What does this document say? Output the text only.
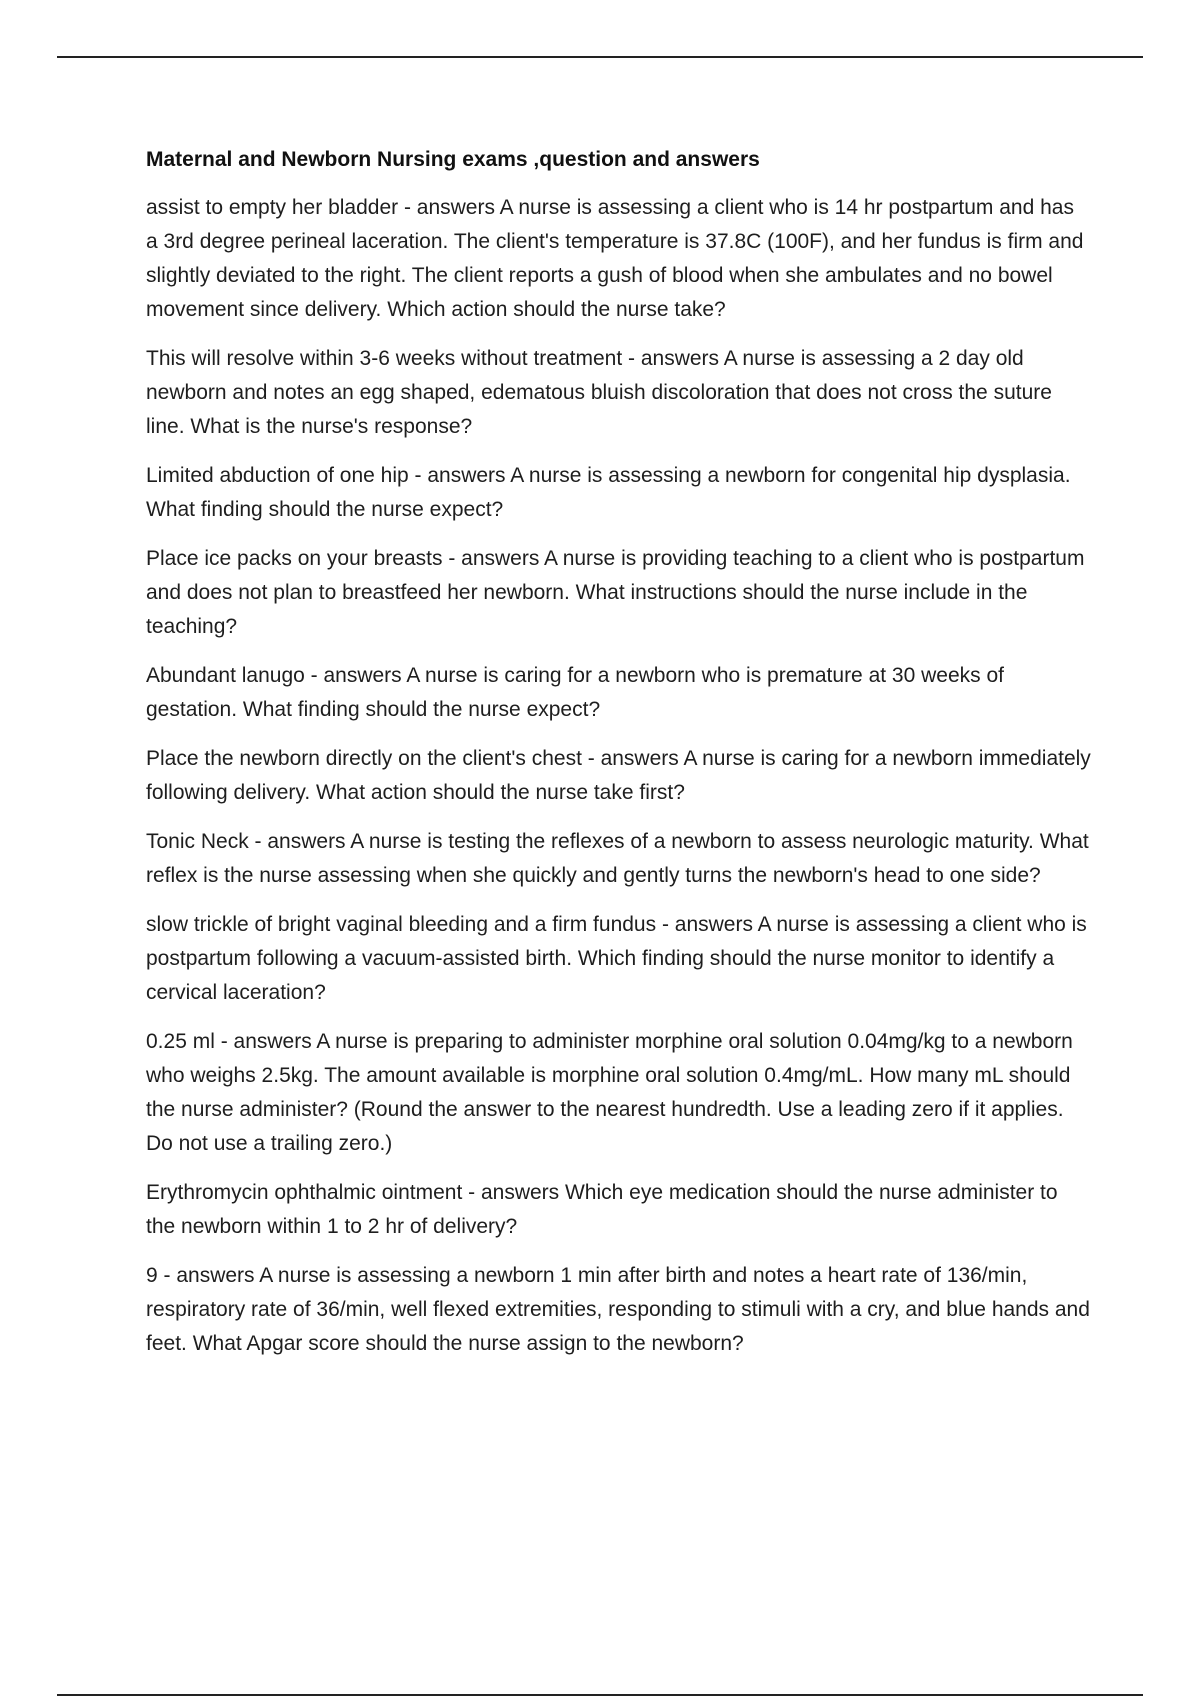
Maternal and Newborn Nursing exams ,question and answers

assist to empty her bladder - answers A nurse is assessing a client who is 14 hr postpartum and has a 3rd degree perineal laceration. The client's temperature is 37.8C (100F), and her fundus is firm and slightly deviated to the right. The client reports a gush of blood when she ambulates and no bowel movement since delivery. Which action should the nurse take?

This will resolve within 3-6 weeks without treatment - answers A nurse is assessing a 2 day old newborn and notes an egg shaped, edematous bluish discoloration that does not cross the suture line. What is the nurse's response?

Limited abduction of one hip - answers A nurse is assessing a newborn for congenital hip dysplasia. What finding should the nurse expect?

Place ice packs on your breasts - answers A nurse is providing teaching to a client who is postpartum and does not plan to breastfeed her newborn. What instructions should the nurse include in the teaching?

Abundant lanugo - answers A nurse is caring for a newborn who is premature at 30 weeks of gestation. What finding should the nurse expect?

Place the newborn directly on the client's chest - answers A nurse is caring for a newborn immediately following delivery. What action should the nurse take first?

Tonic Neck - answers A nurse is testing the reflexes of a newborn to assess neurologic maturity. What reflex is the nurse assessing when she quickly and gently turns the newborn's head to one side?

slow trickle of bright vaginal bleeding and a firm fundus - answers A nurse is assessing a client who is postpartum following a vacuum-assisted birth. Which finding should the nurse monitor to identify a cervical laceration?

0.25 ml - answers A nurse is preparing to administer morphine oral solution 0.04mg/kg to a newborn who weighs 2.5kg. The amount available is morphine oral solution 0.4mg/mL. How many mL should the nurse administer? (Round the answer to the nearest hundredth. Use a leading zero if it applies. Do not use a trailing zero.)

Erythromycin ophthalmic ointment - answers Which eye medication should the nurse administer to the newborn within 1 to 2 hr of delivery?

9 - answers A nurse is assessing a newborn 1 min after birth and notes a heart rate of 136/min, respiratory rate of 36/min, well flexed extremities, responding to stimuli with a cry, and blue hands and feet. What Apgar score should the nurse assign to the newborn?
